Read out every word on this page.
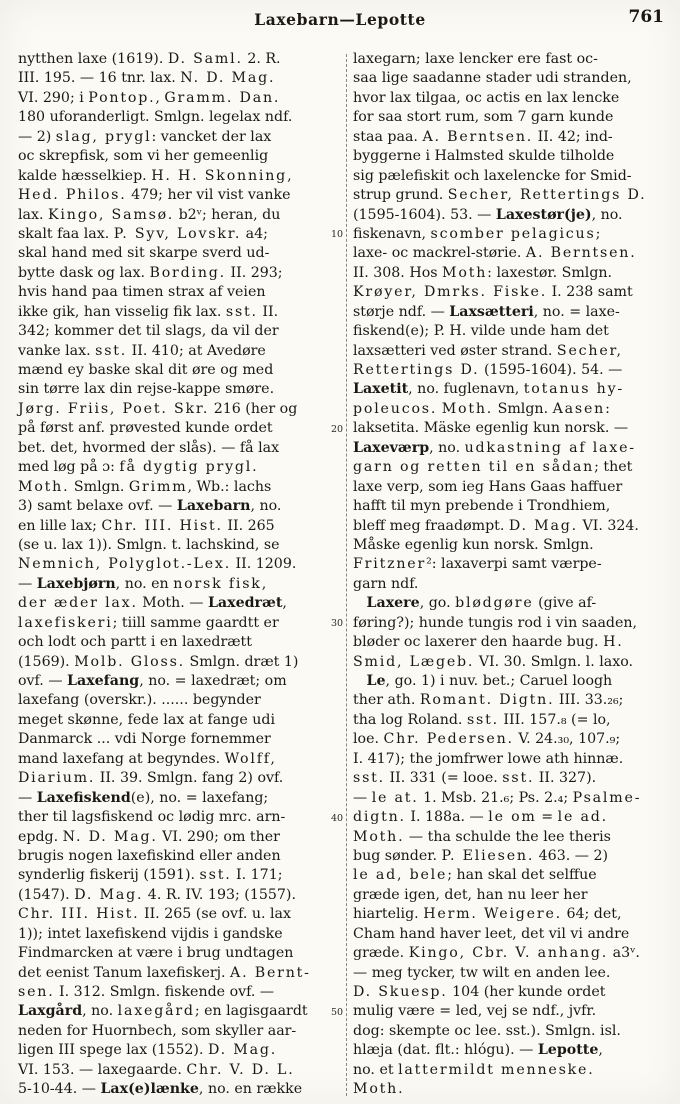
Laxebarn—Lepotte	761
nytthen laxe (1619). D. Saml. 2. R.
III. 195. — 16 tnr. lax. N. D. Mag.
VI. 290; i Pontop., Gramm. Dan.
180 uforanderligt. Smlgn. legelax ndf.
— 2) slag, prygl: vancket der lax
oc skrepfisk, som vi her gemeenlig
kalde hæsselkiep. H. H. Skonning,
Hed. Philos. 479; her vil vist vanke
lax. Kingo, Samsø. b2ᵛ; heran, du
skalt faa lax. P. Syv, Lovskr. a4;
skal hand med sit skarpe sverd ud-
bytte dask og lax. Bording. II. 293;
hvis hand paa timen strax af veien
ikke gik, han visselig fik lax. sst. II.
342; kommer det til slags, da vil der
vanke lax. sst. II. 410; at Avedøre
mænd ey baske skal dit øre og med
sin tørre lax din rejse-kappe smøre.
Jørg. Friis, Poet. Skr. 216 (her og
på først anf. prøvested kunde ordet
bet. det, hvormed der slås). — få lax
med løg på ɔ: få dygtig prygl.
Moth. Smlgn. Grimm, Wb.: lachs
3) samt belaxe ovf. — Laxebarn, no.
en lille lax; Chr. III. Hist. II. 265
(se u. lax 1)). Smlgn. t. lachskind, se
Nemnich, Polyglot.-Lex. II. 1209.
— Laxebjørn, no. en norsk fisk,
der æder lax. Moth. — Laxedræt,
laxefiskeri; tiill samme gaardtt er
och lodt och partt i en laxedrætt
(1569). Molb. Gloss. Smlgn. dræt 1)
ovf. — Laxefang, no. = laxedræt; om
laxefang (overskr.). ...... begynder
meget skønne, fede lax at fange udi
Danmarck ... vdi Norge fornemmer
mand laxefang at begyndes. Wolff,
Diarium. II. 39. Smlgn. fang 2) ovf.
— Laxefiskend(e), no. = laxefang;
ther til lagsfiskend oc lødig mrc. arn-
epdg. N. D. Mag. VI. 290; om ther
brugis nogen laxefiskind eller anden
synderlig fiskerij (1591). sst. I. 171;
(1547). D. Mag. 4. R. IV. 193; (1557).
Chr. III. Hist. II. 265 (se ovf. u. lax
1)); intet laxefiskend vijdis i gandske
Findmarcken at være i brug undtagen
det eenist Tanum laxefiskerj. A. Bernt-
sen. I. 312. Smlgn. fiskende ovf. —
Laxgård, no. laxegård; en lagisgaardt
neden for Huornbech, som skyller aar-
ligen III spege lax (1552). D. Mag.
VI. 153. — laxegaarde. Chr. V. D. L.
5-10-44. — Lax(e)lænke, no. en række
laxegarn; laxe lencker ere fast oc-
saa lige saadanne stader udi stranden,
hvor lax tilgaa, oc actis en lax lencke
for saa stort rum, som 7 garn kunde
staa paa. A. Berntsen. II. 42; ind-
byggerne i Halmsted skulde tilholde
sig pælefiskit och laxelencke for Smid-
strup grund. Secher, Rettertings D.
(1595-1604). 53. — Laxestør(je), no.
fiskenavn, scomber pelagicus;
laxe- oc mackrel-størie. A. Berntsen.
II. 308. Hos Moth: laxestør. Smlgn.
Krøyer, Dmrks. Fiske. I. 238 samt
størje ndf. — Laxsætteri, no. = laxe-
fiskend(e); P. H. vilde unde ham det
laxsætteri ved øster strand. Secher,
Rettertings D. (1595-1604). 54. —
Laxetit, no. fuglenavn, totanus hy-
poleucos. Moth. Smlgn. Aasen:
laksetita. Mäske egenlig kun norsk. —
Laxeværp, no. udkastning af laxe-
garn og retten til en sådan; thet
laxe verp, som ieg Hans Gaas haffuer
hafft til myn prebende i Trondhiem,
bleff meg fraadømpt. D. Mag. VI. 324.
Måske egenlig kun norsk. Smlgn.
Fritzner²: laxaverpi samt værpe-
garn ndf.
Laxere, go. blødgøre (give af-
føring?); hunde tungis rod i vin saaden,
bløder oc laxerer den haarde bug. H.
Smid, Lægeb. VI. 30. Smlgn. l. laxo.
Le, go. 1) i nuv. bet.; Caruel loogh
ther ath. Romant. Digtn. III. 33.₂₆;
tha log Roland. sst. III. 157.₈ (= lo,
loe. Chr. Pedersen. V. 24.₃₀, 107.₉;
I. 417); the jomfrwer lowe ath hinnæ.
sst. II. 331 (= looe. sst. II. 327).
— le at. 1. Msb. 21.₆; Ps. 2.₄; Psalme-
digtn. I. 188a. — le om = le ad.
Moth. — tha schulde the lee theris
bug sønder. P. Eliesen. 463. — 2)
le ad, bele; han skal det selffue
græde igen, det, han nu leer her
hiartelig. Herm. Weigere. 64; det,
Cham hand haver leet, det vil vi andre
græde. Kingo, Cbr. V. anhang. a3ᵛ.
— meg tycker, tw wilt en anden lee.
D. Skuesp. 104 (her kunde ordet
mulig være = led, vej se ndf., jvfr.
dog: skempte oc lee. sst.). Smlgn. isl.
hlæja (dat. flt.: hlógu). — Lepotte,
no. et lattermildt menneske.
Moth.
10
20
30
40
50
